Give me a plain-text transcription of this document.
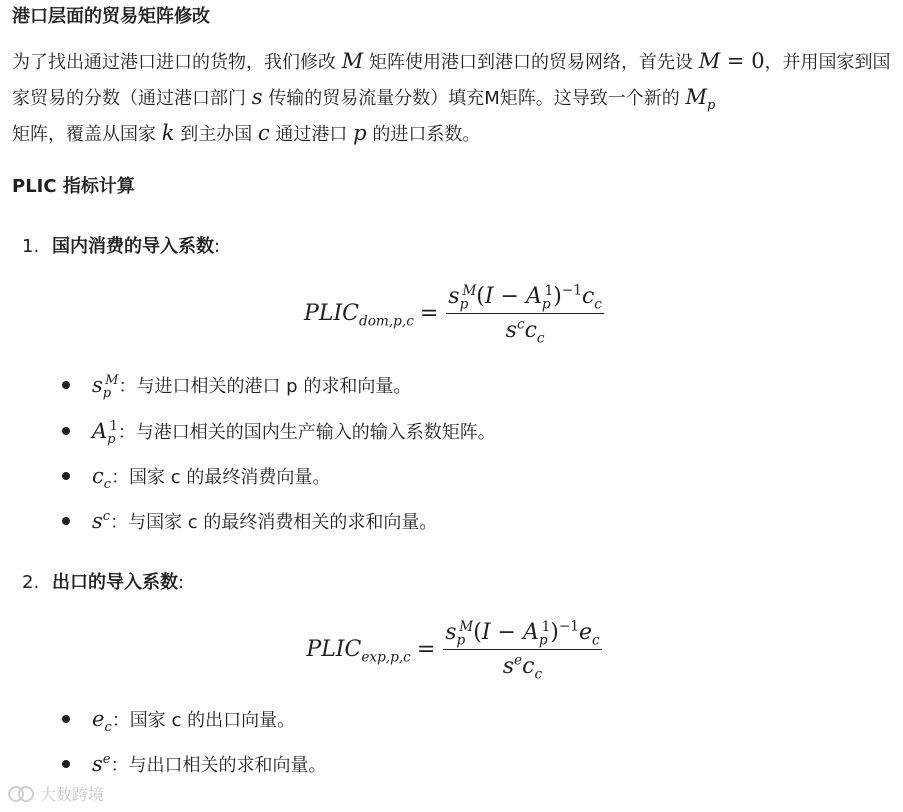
港口层面的贸易矩阵修改

为了找出通过港口进口的货物，我们修改 M 矩阵使用港口到港口的贸易网络，首先设 M = 0，并用国家到国家贸易的分数（通过港口部门 s 传输的贸易流量分数）填充M矩阵。这导致一个新的 $M_p$
矩阵，覆盖从国家 k 到主办国 c 通过港口 p 的进口系数。

PLIC 指标计算
1. 国内消费的导入系数:
$PLIC_{dom,p,c} = \frac{s_p^M(I - A_p^1)^{-1}c_c}{s^cc_c}$
$s_p^M$ ：与进口相关的港口 p 的求和向量。
$A_p^1$ ：与港口相关的国内生产输入的输入系数矩阵。
$c_c$ ：国家 c 的最终消费向量。
$s^c$ ：与国家 c 的最终消费相关的求和向量。
2. 出口的导入系数:
$PLIC_{exp,p,c} = \frac{s_p^M(I - A_p^1)^{-1}e_c}{s^ec_c}$
$e_c$ ：国家 c 的出口向量。
$s^e$ ：与出口相关的求和向量。
大数跨境
